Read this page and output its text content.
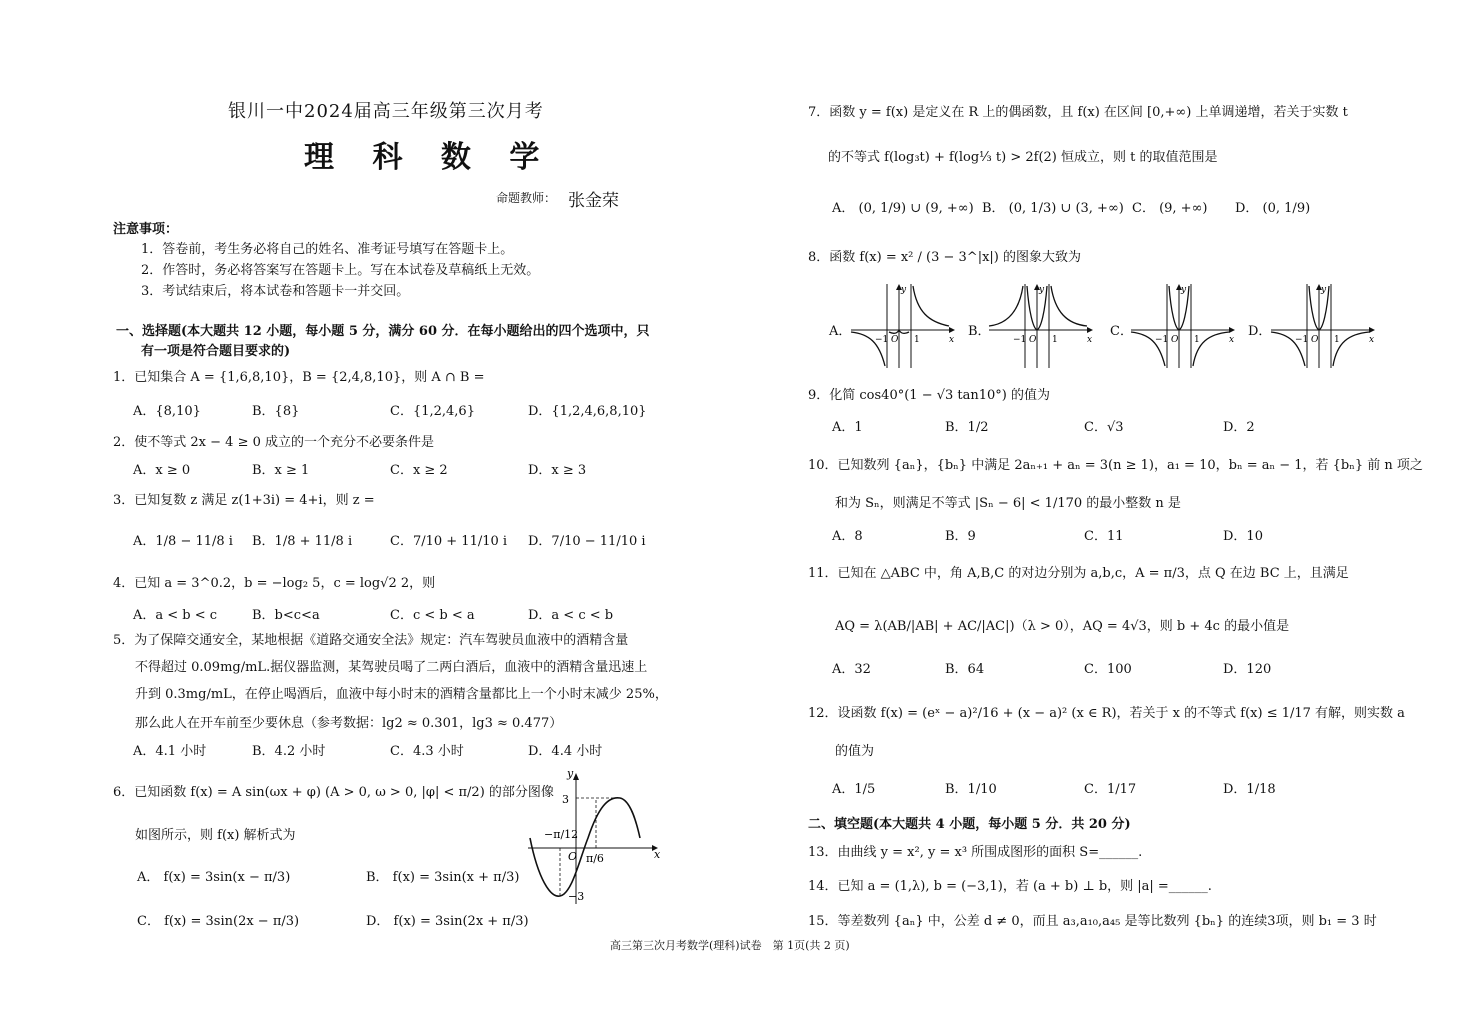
银川一中2024届高三年级第三次月考
理 科 数 学
命题教师： 张金荣
注意事项：
1．答卷前，考生务必将自己的姓名、准考证号填写在答题卡上。
2．作答时，务必将答案写在答题卡上。写在本试卷及草稿纸上无效。
3．考试结束后，将本试卷和答题卡一并交回。
一、选择题(本大题共 12 小题，每小题 5 分，满分 60 分．在每小题给出的四个选项中，只
有一项是符合题目要求的)
1．已知集合 A = {1,6,8,10}，B = {2,4,8,10}，则 A ∩ B =
A．{8,10}	B．{8}	C．{1,2,4,6}	D．{1,2,4,6,8,10}
2．使不等式 2x − 4 ≥ 0 成立的一个充分不必要条件是
A．x ≥ 0	B．x ≥ 1	C．x ≥ 2	D．x ≥ 3
3．已知复数 z 满足 z(1+3i) = 4+i，则 z =
A．1/8 − 11/8 i B．1/8 + 11/8 i	C．7/10 + 11/10 i D．7/10 − 11/10 i
4．已知 a = 3^0.2，b = −log₂ 5，c = log√2 2，则
A．a < b < c	B．b<c<a	C．c < b < a	D．a < c < b
5．为了保障交通安全，某地根据《道路交通安全法》规定：汽车驾驶员血液中的酒精含量
不得超过 0.09mg/mL.据仪器监测，某驾驶员喝了二两白酒后，血液中的酒精含量迅速上
升到 0.3mg/mL，在停止喝酒后，血液中每小时末的酒精含量都比上一个小时末减少 25%，
那么此人在开车前至少要休息（参考数据：lg2 ≈ 0.301，lg3 ≈ 0.477）
A．4.1 小时	B．4.2 小时	C．4.3 小时	D．4.4 小时
6．已知函数 f(x) = A sin(ωx + φ) (A > 0, ω > 0, |φ| < π/2) 的部分图像
如图所示，则 f(x) 解析式为
A． f(x) = 3sin(x − π/3)	B． f(x) = 3sin(x + π/3)
C． f(x) = 3sin(2x − π/3)	D． f(x) = 3sin(2x + π/3)
y
x
3
−3
−π/12
O π/6
7．函数 y = f(x) 是定义在 R 上的偶函数，且 f(x) 在区间 [0,+∞) 上单调递增，若关于实数 t
的不等式 f(log₃t) + f(log⅓ t) > 2f(2) 恒成立，则 t 的取值范围是
A． (0, 1/9) ∪ (9, +∞) B． (0, 1/3) ∪ (3, +∞) C． (9, +∞) D． (0, 1/9)
8．函数 f(x) = x² / (3 − 3^|x|) 的图象大致为
A．	B．	C．	D．
−1 O 1	x
y
−1 O 1	x
y
−1 O 1	x
y
−1 O 1	x
y
9．化简 cos40°(1 − √3 tan10°) 的值为
A．1	B．1/2	C．√3	D．2
10．已知数列 {aₙ}，{bₙ} 中满足 2aₙ₊₁ + aₙ = 3(n ≥ 1)，a₁ = 10，bₙ = aₙ − 1，若 {bₙ} 前 n 项之
和为 Sₙ，则满足不等式 |Sₙ − 6| < 1/170 的最小整数 n 是
A．8	B．9	C．11	D．10
11．已知在 △ABC 中，角 A,B,C 的对边分别为 a,b,c，A = π/3，点 Q 在边 BC 上，且满足
AQ = λ(AB/|AB| + AC/|AC|)（λ > 0），AQ = 4√3，则 b + 4c 的最小值是
A．32	B．64	C．100	D．120
12．设函数 f(x) = (eˣ − a)²/16 + (x − a)² (x ∈ R)，若关于 x 的不等式 f(x) ≤ 1/17 有解，则实数 a
的值为
A．1/5	B．1/10	C．1/17	D．1/18
二、填空题(本大题共 4 小题，每小题 5 分．共 20 分)
13．由曲线 y = x², y = x³ 所围成图形的面积 S=______.
14．已知 a = (1,λ), b = (−3,1)，若 (a + b) ⊥ b，则 |a| =______.
15．等差数列 {aₙ} 中，公差 d ≠ 0，而且 a₃,a₁₀,a₄₅ 是等比数列 {bₙ} 的连续3项，则 b₁ = 3 时
高三第三次月考数学(理科)试卷　第 1页(共 2 页)
